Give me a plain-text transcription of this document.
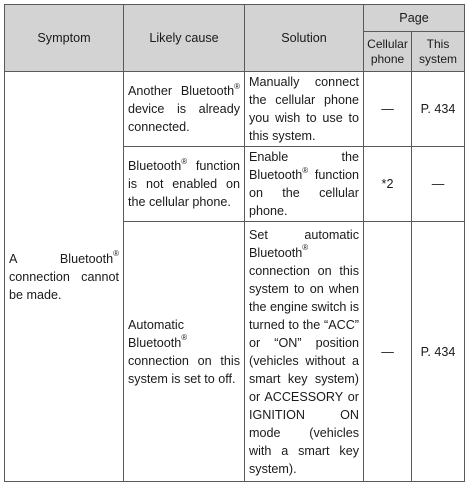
Symptom	Likely cause	Solution	Page	
			Cellular phone	This system
A Bluetooth® connection cannot be made.	Another Bluetooth® device is already connected.	Manually connect the cellular phone you wish to use to this system.	—	P. 434
	Bluetooth® function is not enabled on the cellular phone.	Enable the Bluetooth® function on the cellular phone.	*2	—
	Automatic Bluetooth® connection on this system is set to off.	Set automatic Bluetooth® connection on this system to on when the engine switch is turned to the “ACC” or “ON” position (vehicles without a smart key system) or ACCESSORY or IGNITION ON mode (vehicles with a smart key system).	—	P. 434
